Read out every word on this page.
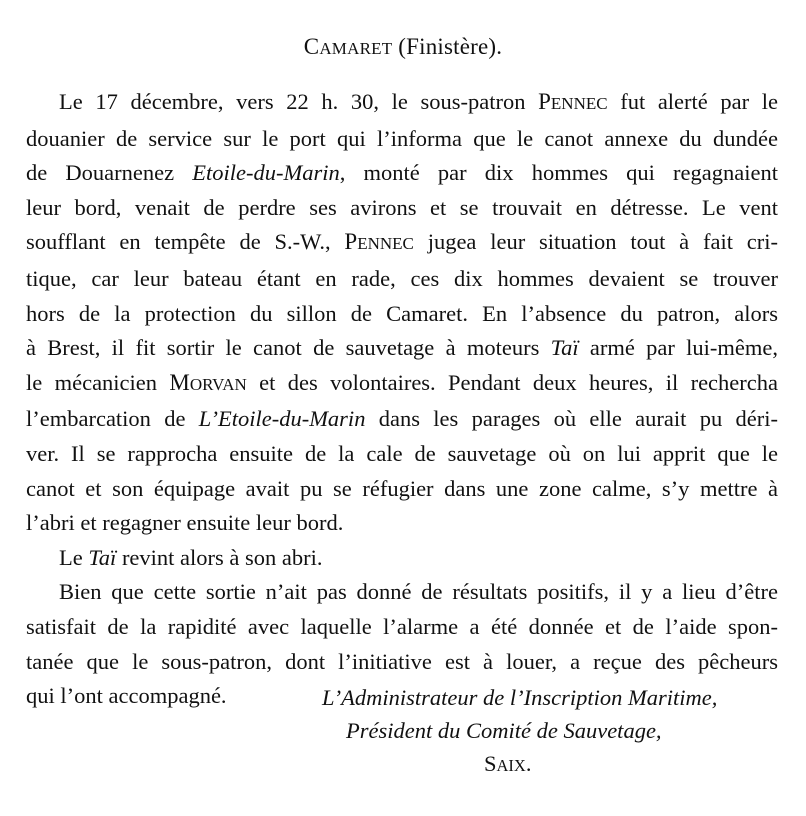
CAMARET (Finistère).
Le 17 décembre, vers 22 h. 30, le sous-patron PENNEC fut alerté par le
douanier de service sur le port qui l’informa que le canot annexe du dundée
de Douarnenez Etoile-du-Marin, monté par dix hommes qui regagnaient
leur bord, venait de perdre ses avirons et se trouvait en détresse. Le vent
soufflant en tempête de S.-W., PENNEC jugea leur situation tout à fait cri-
tique, car leur bateau étant en rade, ces dix hommes devaient se trouver
hors de la protection du sillon de Camaret. En l’absence du patron, alors
à Brest, il fit sortir le canot de sauvetage à moteurs Taï armé par lui-même,
le mécanicien MORVAN et des volontaires. Pendant deux heures, il rechercha
l’embarcation de L’Etoile-du-Marin dans les parages où elle aurait pu déri-
ver. Il se rapprocha ensuite de la cale de sauvetage où on lui apprit que le
canot et son équipage avait pu se réfugier dans une zone calme, s’y mettre à
l’abri et regagner ensuite leur bord.
Le Taï revint alors à son abri.
Bien que cette sortie n’ait pas donné de résultats positifs, il y a lieu d’être
satisfait de la rapidité avec laquelle l’alarme a été donnée et de l’aide spon-
tanée que le sous-patron, dont l’initiative est à louer, a reçue des pêcheurs
qui l’ont accompagné.	L’Administrateur de l’Inscription Maritime,
Président du Comité de Sauvetage,
SAIX.
